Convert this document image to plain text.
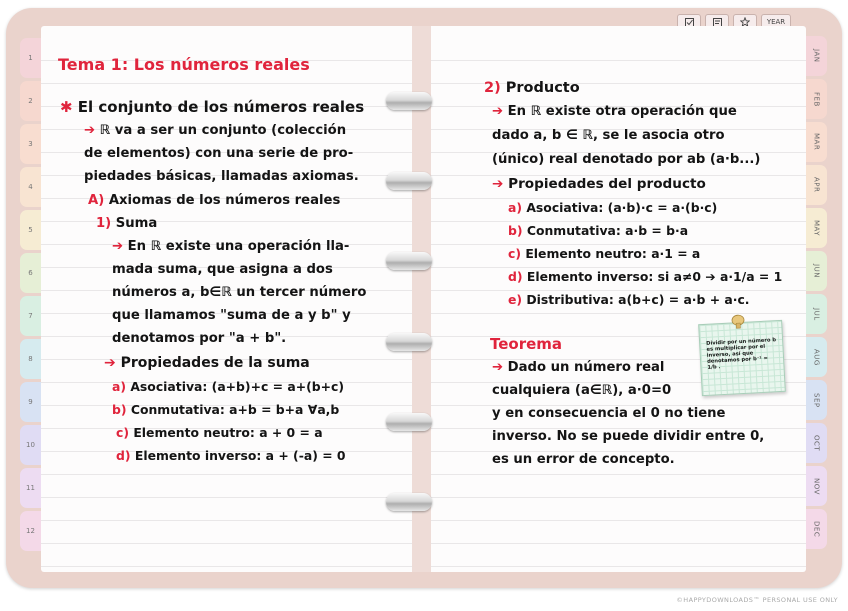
YEAR
1
2
3
4
5
6
7
8
9
10
11
12
JAN
FEB
MAR
APR
MAY
JUN
JUL
AUG
SEP
OCT
NOV
DEC
Tema 1: Los números reales
✱ El conjunto de los números reales
➔ ℝ va a ser un conjunto (colección
de elementos) con una serie de pro-
piedades básicas, llamadas axiomas.
A) Axiomas de los números reales
1) Suma
➔ En ℝ existe una operación lla-
mada suma, que asigna a dos
números a, b∈ℝ un tercer número
que llamamos "suma de a y b" y
denotamos por "a + b".
➔ Propiedades de la suma
a) Asociativa: (a+b)+c = a+(b+c)
b) Conmutativa: a+b = b+a ∀a,b
c) Elemento neutro: a + 0 = a
d) Elemento inverso: a + (-a) = 0
2) Producto
➔ En ℝ existe otra operación que
dado a, b ∈ ℝ, se le asocia otro
(único) real denotado por ab (a·b...)
➔ Propiedades del producto
a) Asociativa: (a·b)·c = a·(b·c)
b) Conmutativa: a·b = b·a
c) Elemento neutro: a·1 = a
d) Elemento inverso: si a≠0 ➔ a·1/a = 1
e) Distributiva: a(b+c) = a·b + a·c.
Teorema
➔ Dado un número real
cualquiera (a∈ℝ), a·0=0
y en consecuencia el 0 no tiene
inverso. No se puede dividir entre 0,
es un error de concepto.
Dividir por un número b es multiplicar por el inverso, así que denotamos por b⁻¹ = 1/b .
©HAPPYDOWNLOADS™ PERSONAL USE ONLY
